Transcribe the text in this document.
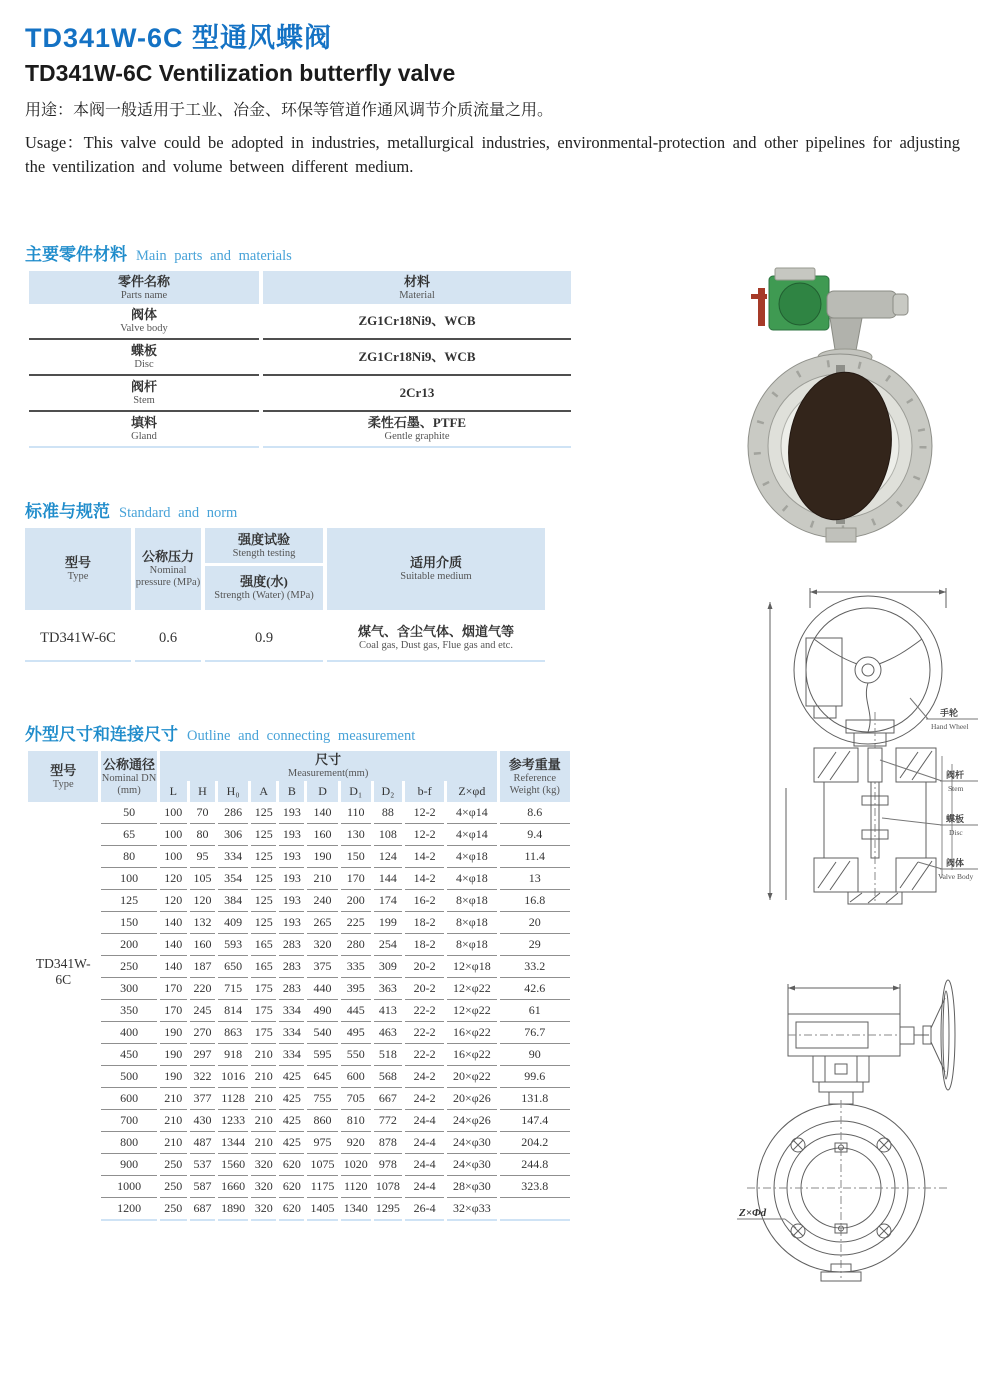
TD341W-6C 型通风蝶阀
TD341W-6C Ventilization butterfly valve
用途：本阀一般适用于工业、冶金、环保等管道作通风调节介质流量之用。
Usage：This valve could be adopted in industries, metallurgical industries, environmental-protection and other pipelines for adjusting the ventilization and volume between different medium.
主要零件材料 Main parts and materials
零件名称
Parts name	材料
Material

阀体
Valve body	ZG1Cr18Ni9、WCB

蝶板
Disc	ZG1Cr18Ni9、WCB

阀杆
Stem	2Cr13

填料
Gland	柔性石墨、PTFE
Gentle graphite
标准与规范 Standard and norm
型号
Type
公称压力
Nominal pressure (MPa)
强度试验
Stength testing
强度(水)
Strength (Water) (MPa)
适用介质
Suitable medium
TD341W-6C	0.6	0.9	煤气、含尘气体、烟道气等
Coal gas, Dust gas, Flue gas and etc.
外型尺寸和连接尺寸 Outline and connecting measurement
型号
Type	公称通径
Nominal DN (mm)	尺寸
Measurement(mm)										参考重量
Reference Weight (kg)

		L	H	H₀	A	B	D	D₁	D₂	b-f	Z×φd	
TD341W-6C	50	100	70	286	125	193	140	110	88	12-2	4×φ14	8.6
	65	100	80	306	125	193	160	130	108	12-2	4×φ14	9.4
	80	100	95	334	125	193	190	150	124	14-2	4×φ18	11.4
	100	120	105	354	125	193	210	170	144	14-2	4×φ18	13
	125	120	120	384	125	193	240	200	174	16-2	8×φ18	16.8
	150	140	132	409	125	193	265	225	199	18-2	8×φ18	20
	200	140	160	593	165	283	320	280	254	18-2	8×φ18	29
	250	140	187	650	165	283	375	335	309	20-2	12×φ18	33.2
	300	170	220	715	175	283	440	395	363	20-2	12×φ22	42.6
	350	170	245	814	175	334	490	445	413	22-2	12×φ22	61
	400	190	270	863	175	334	540	495	463	22-2	16×φ22	76.7
	450	190	297	918	210	334	595	550	518	22-2	16×φ22	90
	500	190	322	1016	210	425	645	600	568	24-2	20×φ22	99.6
	600	210	377	1128	210	425	755	705	667	24-2	20×φ26	131.8
	700	210	430	1233	210	425	860	810	772	24-4	24×φ26	147.4
	800	210	487	1344	210	425	975	920	878	24-4	24×φ30	204.2
	900	250	537	1560	320	620	1075	1020	978	24-4	24×φ30	244.8
	1000	250	587	1660	320	620	1175	1120	1078	24-4	28×φ30	323.8
	1200	250	687	1890	320	620	1405	1340	1295	26-4	32×φ33	
手轮
Hand Wheel
阀杆
Stem
蝶板
Disc
阀体
Valve Body
Z×Φd
